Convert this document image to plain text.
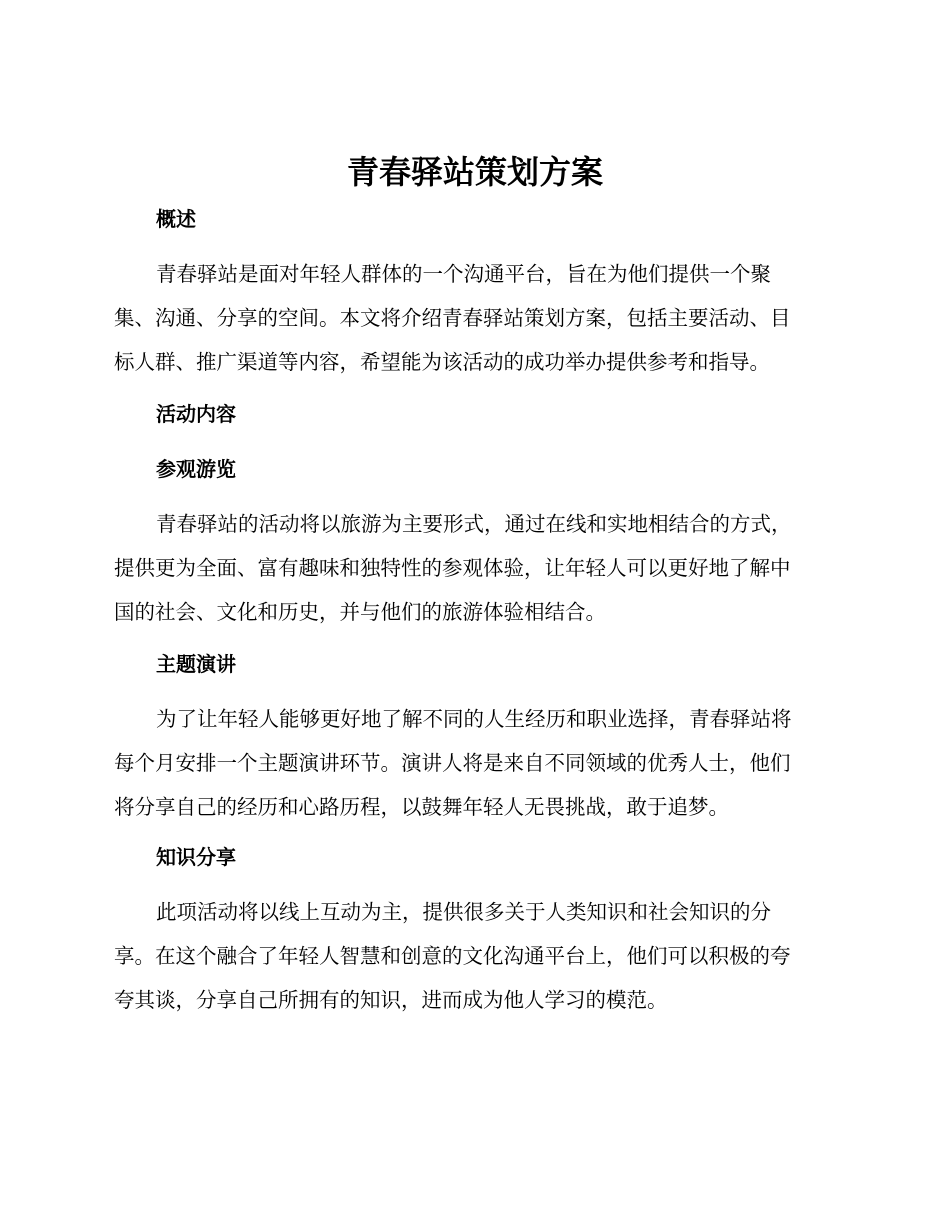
青春驿站策划方案
概述
青春驿站是面对年轻人群体的一个沟通平台，旨在为他们提供一个聚
集、沟通、分享的空间。本文将介绍青春驿站策划方案，包括主要活动、目
标人群、推广渠道等内容，希望能为该活动的成功举办提供参考和指导。
活动内容
参观游览
青春驿站的活动将以旅游为主要形式，通过在线和实地相结合的方式，
提供更为全面、富有趣味和独特性的参观体验，让年轻人可以更好地了解中
国的社会、文化和历史，并与他们的旅游体验相结合。
主题演讲
为了让年轻人能够更好地了解不同的人生经历和职业选择，青春驿站将
每个月安排一个主题演讲环节。演讲人将是来自不同领域的优秀人士，他们
将分享自己的经历和心路历程，以鼓舞年轻人无畏挑战，敢于追梦。
知识分享
此项活动将以线上互动为主，提供很多关于人类知识和社会知识的分
享。在这个融合了年轻人智慧和创意的文化沟通平台上，他们可以积极的夸
夸其谈，分享自己所拥有的知识，进而成为他人学习的模范。
